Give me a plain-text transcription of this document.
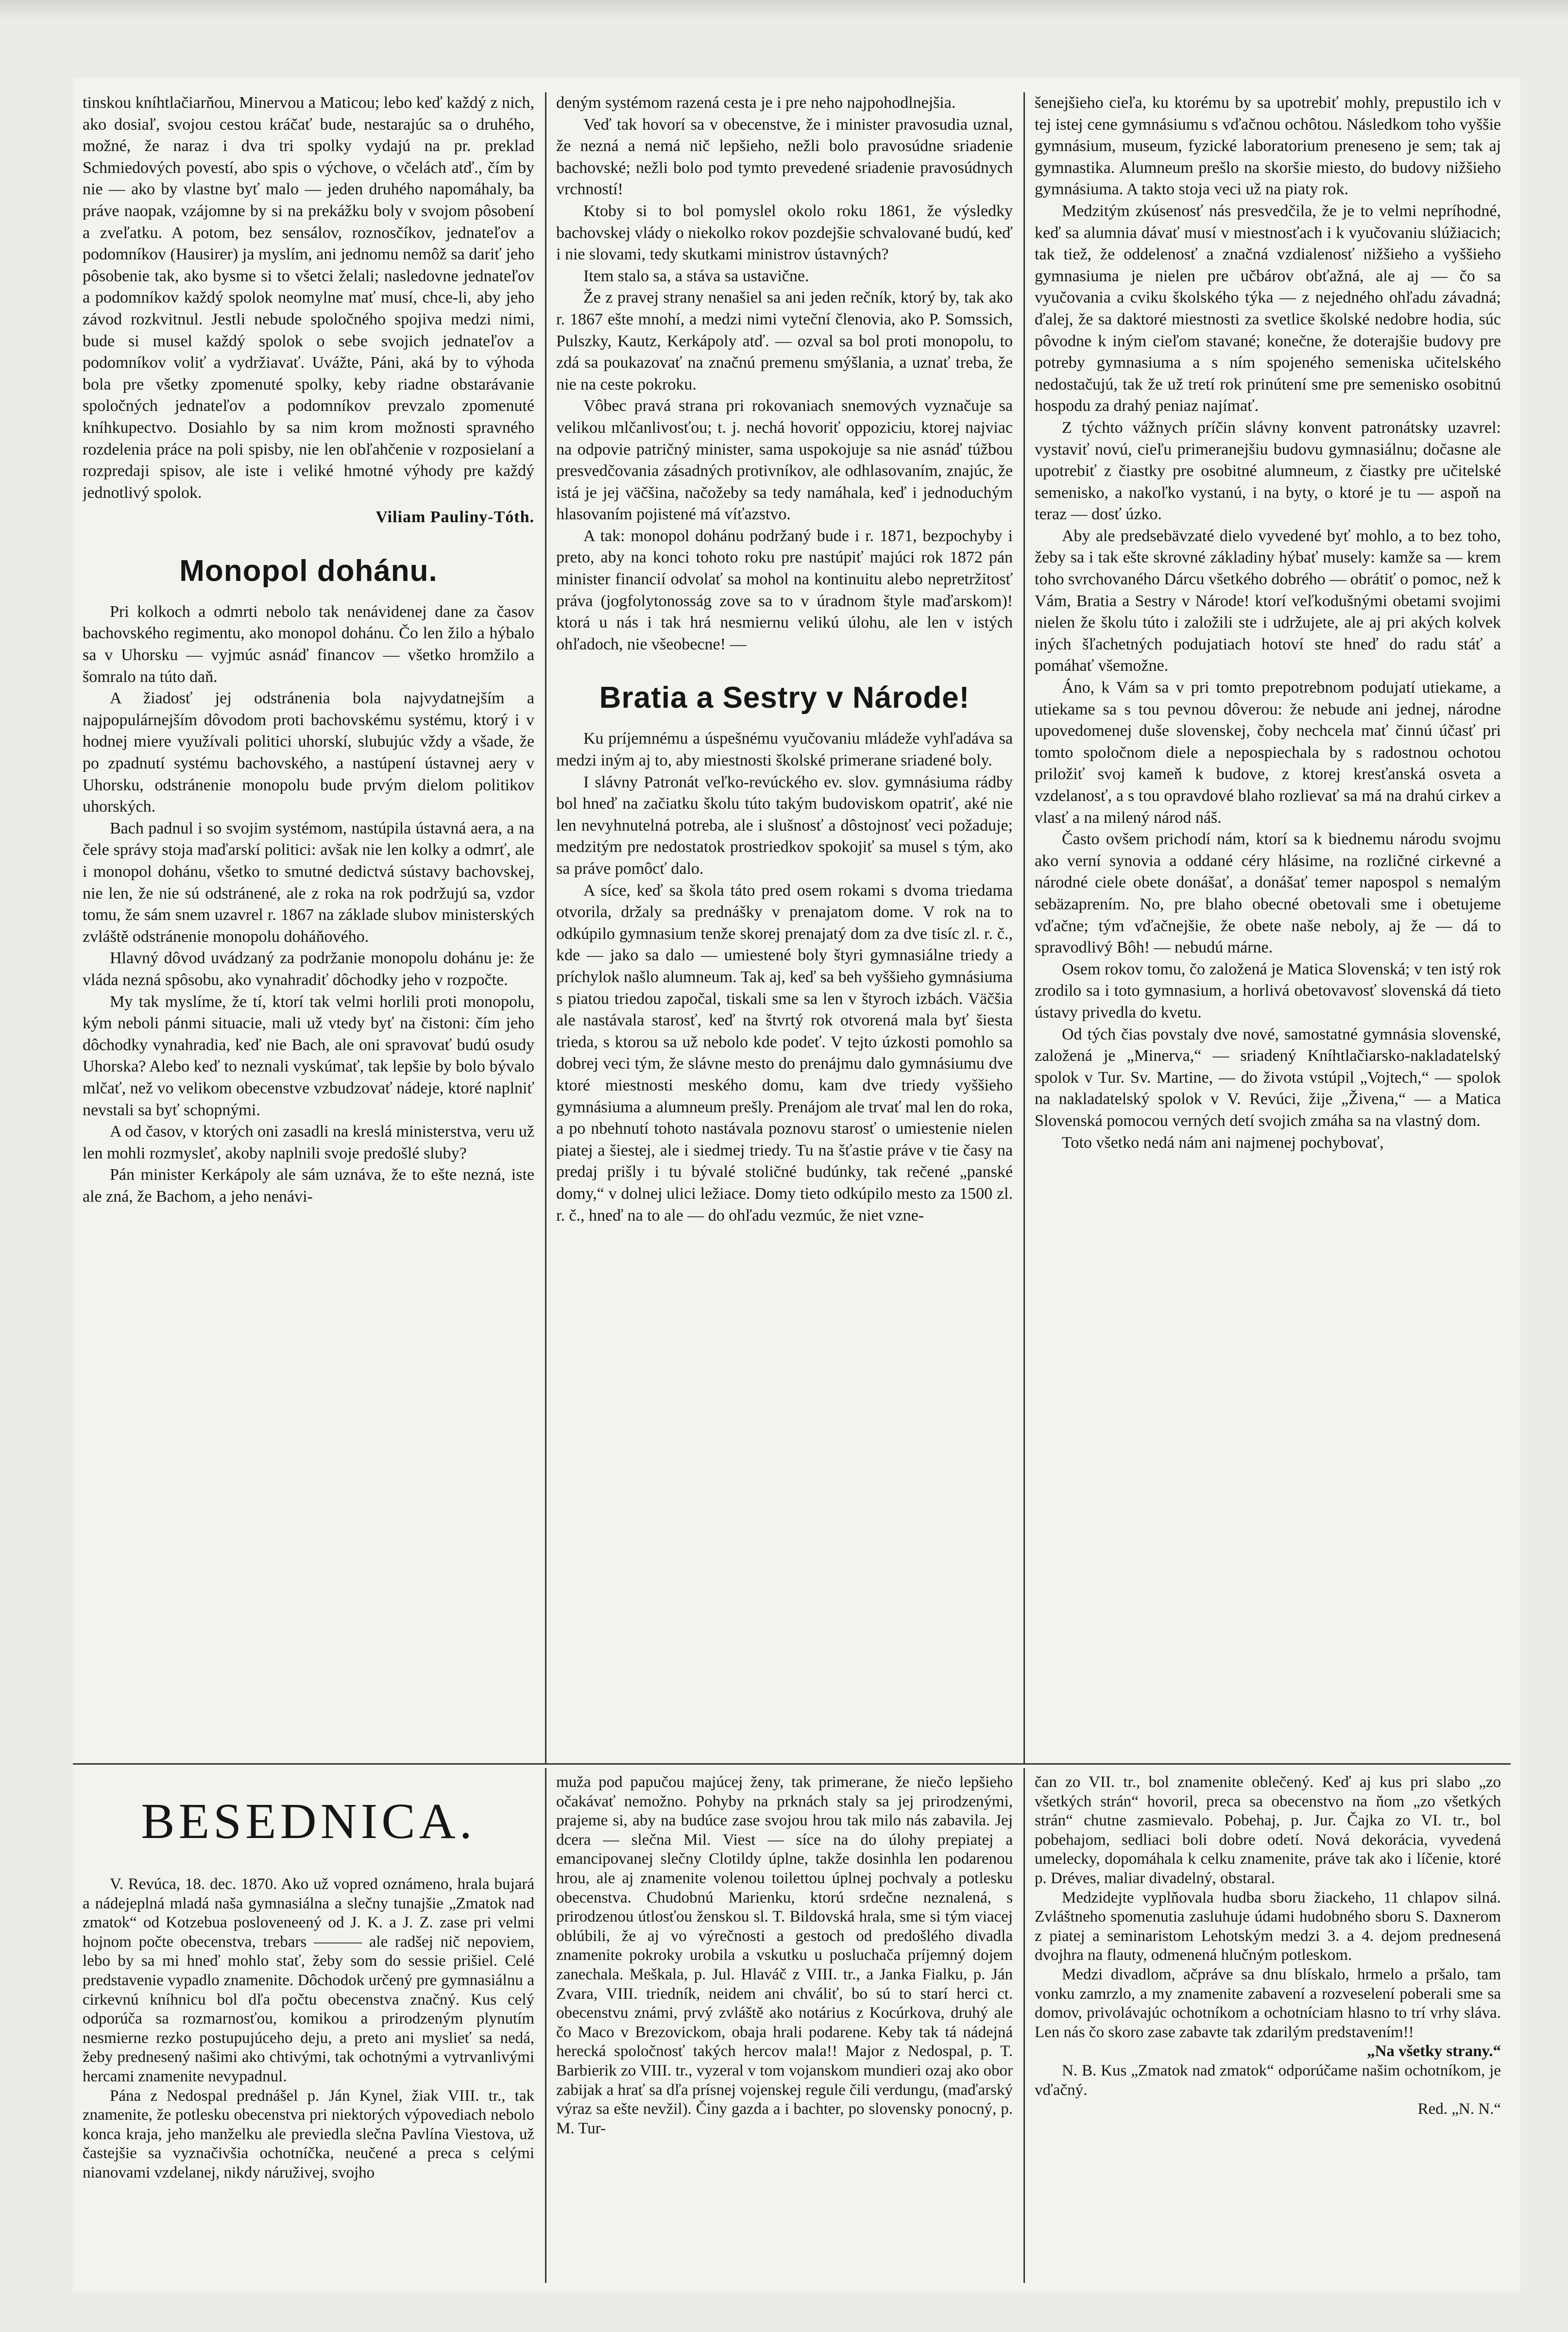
tinskou kníhtlačiarňou, Minervou a Maticou; lebo keď každý z nich, ako dosiaľ, svojou cestou kráčať bude, nestarajúc sa o druhého, možné, že naraz i dva tri spolky vydajú na pr. preklad Schmiedových povestí, abo spis o výchove, o včelách atď., čím by nie — ako by vlastne byť malo — jeden druhého napomáhaly, ba práve naopak, vzájomne by si na prekážku boly v svojom pôsobení a zveľatku. A potom, bez sensálov, roznosčíkov, jednateľov a podomníkov (Hausirer) ja myslím, ani jednomu nemôž sa dariť jeho pôsobenie tak, ako bysme si to všetci želali; nasledovne jednateľov a podomníkov každý spolok neomylne mať musí, chce-li, aby jeho závod rozkvitnul. Jestli nebude spoločného spojiva medzi nimi, bude si musel každý spolok o sebe svojich jednateľov a podomníkov voliť a vydržiavať. Uvážte, Páni, aká by to výhoda bola pre všetky zpomenuté spolky, keby riadne obstarávanie spoločných jednateľov a podomníkov prevzalo zpomenuté kníhkupectvo. Dosiahlo by sa nim krom možnosti spravného rozdelenia práce na poli spisby, nie len obľahčenie v rozposielaní a rozpredaji spisov, ale iste i veliké hmotné výhody pre každý jednotlivý spolok.

Viliam Pauliny-Tóth.

Monopol dohánu.

Pri kolkoch a odmrti nebolo tak nenávidenej dane za časov bachovského regimentu, ako monopol dohánu. Čo len žilo a hýbalo sa v Uhorsku — vyjmúc asnáď financov — všetko hromžilo a šomralo na túto daň.

A žiadosť jej odstránenia bola najvydatnejším a najpopulárnejším dôvodom proti bachovskému systému, ktorý i v hodnej miere využívali politici uhorskí, slubujúc vždy a všade, že po zpadnutí systému bachovského, a nastúpení ústavnej aery v Uhorsku, odstránenie monopolu bude prvým dielom politikov uhorských.

Bach padnul i so svojim systémom, nastúpila ústavná aera, a na čele správy stoja maďarskí politici: avšak nie len kolky a odmrť, ale i monopol dohánu, všetko to smutné dedictvá sústavy bachovskej, nie len, že nie sú odstránené, ale z roka na rok podržujú sa, vzdor tomu, že sám snem uzavrel r. 1867 na základe slubov ministerských zvláště odstránenie monopolu doháňového.

Hlavný dôvod uvádzaný za podržanie monopolu dohánu je: že vláda nezná spôsobu, ako vynahradiť dôchodky jeho v rozpočte.

My tak myslíme, že tí, ktorí tak velmi horlili proti monopolu, kým neboli pánmi situacie, mali už vtedy byť na čistoni: čím jeho dôchodky vynahradia, keď nie Bach, ale oni spravovať budú osudy Uhorska? Alebo keď to neznali vyskúmať, tak lepšie by bolo bývalo mlčať, než vo velikom obecenstve vzbudzovať nádeje, ktoré naplniť nevstali sa byť schopnými.

A od časov, v ktorých oni zasadli na kreslá ministerstva, veru už len mohli rozmysleť, akoby naplnili svoje predošlé sluby?

Pán minister Kerkápoly ale sám uznáva, že to ešte nezná, iste ale zná, že Bachom, a jeho nenávi-

deným systémom razená cesta je i pre neho najpohodlnejšia.

Veď tak hovorí sa v obecenstve, že i minister pravosudia uznal, že nezná a nemá nič lepšieho, nežli bolo pravosúdne sriadenie bachovské; nežli bolo pod tymto prevedené sriadenie pravosúdnych vrchností!

Ktoby si to bol pomyslel okolo roku 1861, že výsledky bachovskej vlády o niekolko rokov pozdejšie schvalované budú, keď i nie slovami, tedy skutkami ministrov ústavných?

Item stalo sa, a stáva sa ustavične.

Že z pravej strany nenašiel sa ani jeden rečník, ktorý by, tak ako r. 1867 ešte mnohí, a medzi nimi vyteční členovia, ako P. Somssich, Pulszky, Kautz, Kerkápoly atď. — ozval sa bol proti monopolu, to zdá sa poukazovať na značnú premenu smýšlania, a uznať treba, že nie na ceste pokroku.

Vôbec pravá strana pri rokovaniach snemových vyznačuje sa velikou mlčanlivosťou; t. j. nechá hovoriť oppoziciu, ktorej najviac na odpovie patričný minister, sama uspokojuje sa nie asnáď túžbou presvedčovania zásadných protivníkov, ale odhlasovaním, znajúc, že istá je jej väčšina, načožeby sa tedy namáhala, keď i jednoduchým hlasovaním pojistené má víťazstvo.

A tak: monopol dohánu podržaný bude i r. 1871, bezpochyby i preto, aby na konci tohoto roku pre nastúpiť majúci rok 1872 pán minister financií odvolať sa mohol na kontinuitu alebo nepretržitosť práva (jogfolytonosság zove sa to v úradnom štyle maďarskom)! ktorá u nás i tak hrá nesmiernu velikú úlohu, ale len v istých ohľadoch, nie všeobecne! —

Bratia a Sestry v Národe!

Ku príjemnému a úspešnému vyučovaniu mládeže vyhľadáva sa medzi iným aj to, aby miestnosti školské primerane sriadené boly.

I slávny Patronát veľko-revúckého ev. slov. gymnásiuma rádby bol hneď na začiatku školu túto takým budoviskom opatriť, aké nie len nevyhnutelná potreba, ale i slušnosť a dôstojnosť veci požaduje; medzitým pre nedostatok prostriedkov spokojiť sa musel s tým, ako sa práve pomôcť dalo.

A síce, keď sa škola táto pred osem rokami s dvoma triedama otvorila, držaly sa prednášky v prenajatom dome. V rok na to odkúpilo gymnasium tenže skorej prenajatý dom za dve tisíc zl. r. č., kde — jako sa dalo — umiestené boly štyri gymnasiálne triedy a príchylok našlo alumneum. Tak aj, keď sa beh vyššieho gymnásiuma s piatou triedou započal, tiskali sme sa len v štyroch izbách. Väčšia ale nastávala starosť, keď na štvrtý rok otvorená mala byť šiesta trieda, s ktorou sa už nebolo kde podeť. V tejto úzkosti pomohlo sa dobrej veci tým, že slávne mesto do prenájmu dalo gymnásiumu dve ktoré miestnosti meského domu, kam dve triedy vyššieho gymnásiuma a alumneum prešly. Prenájom ale trvať mal len do roka, a po nbehnutí tohoto nastávala poznovu starosť o umiestenie nielen piatej a šiestej, ale i siedmej triedy. Tu na šťastie práve v tie časy na predaj prišly i tu bývalé stoličné budúnky, tak rečené „panské domy,“ v dolnej ulici ležiace. Domy tieto odkúpilo mesto za 1500 zl. r. č., hneď na to ale — do ohľadu vezmúc, že niet vzne-

šenejšieho cieľa, ku ktorému by sa upotrebiť mohly, prepustilo ich v tej istej cene gymnásiumu s vďačnou ochôtou. Následkom toho vyššie gymnásium, museum, fyzické laboratorium preneseno je sem; tak aj gymnastika. Alumneum prešlo na skoršie miesto, do budovy nižšieho gymnásiuma. A takto stoja veci už na piaty rok.

Medzitým zkúsenosť nás presvedčila, že je to velmi nepríhodné, keď sa alumnia dávať musí v miestnosťach i k vyučovaniu slúžiacich; tak tiež, že oddelenosť a značná vzdialenosť nižšieho a vyššieho gymnasiuma je nielen pre učbárov obťažná, ale aj — čo sa vyučovania a cviku školského týka — z nejedného ohľadu závadná; ďalej, že sa daktoré miestnosti za svetlice školské nedobre hodia, súc pôvodne k iným cieľom stavané; konečne, že doterajšie budovy pre potreby gymnasiuma a s ním spojeného semeniska učitelského nedostačujú, tak že už tretí rok prinútení sme pre semenisko osobitnú hospodu za drahý peniaz najímať.

Z týchto vážnych príčin slávny konvent patronátsky uzavrel: vystaviť novú, cieľu primeranejšiu budovu gymnasiálnu; dočasne ale upotrebiť z čiastky pre osobitné alumneum, z čiastky pre učitelské semenisko, a nakoľko vystanú, i na byty, o ktoré je tu — aspoň na teraz — dosť úzko.

Aby ale predsebävzaté dielo vyvedené byť mohlo, a to bez toho, žeby sa i tak ešte skrovné základiny hýbať musely: kamže sa — krem toho svrchovaného Dárcu všetkého dobrého — obrátiť o pomoc, než k Vám, Bratia a Sestry v Národe! ktorí veľkodušnými obetami svojimi nielen že školu túto i založili ste i udržujete, ale aj pri akých kolvek iných šľachetných podujatiach hotoví ste hneď do radu stáť a pomáhať všemožne.

Áno, k Vám sa v pri tomto prepotrebnom podujatí utiekame, a utiekame sa s tou pevnou dôverou: že nebude ani jednej, národne upovedomenej duše slovenskej, čoby nechcela mať činnú účasť pri tomto spoločnom diele a nepospiechala by s radostnou ochotou priložiť svoj kameň k budove, z ktorej kresťanská osveta a vzdelanosť, a s tou opravdové blaho rozlievať sa má na drahú cirkev a vlasť a na milený národ náš.

Často ovšem prichodí nám, ktorí sa k biednemu národu svojmu ako verní synovia a oddané céry hlásime, na rozličné cirkevné a národné ciele obete donášať, a donášať temer napospol s nemalým sebäzaprením. No, pre blaho obecné obetovali sme i obetujeme vďačne; tým vďačnejšie, že obete naše neboly, aj že — dá to spravodlivý Bôh! — nebudú márne.

Osem rokov tomu, čo založená je Matica Slovenská; v ten istý rok zrodilo sa i toto gymnasium, a horlivá obetovavosť slovenská dá tieto ústavy privedla do kvetu.

Od tých čias povstaly dve nové, samostatné gymnásia slovenské, založená je „Minerva,“ — sriadený Kníhtlačiarsko-nakladatelský spolok v Tur. Sv. Martine, — do života vstúpil „Vojtech,“ — spolok na nakladatelský spolok v V. Revúci, žije „Živena,“ — a Matica Slovenská pomocou verných detí svojich zmáha sa na vlastný dom.

Toto všetko nedá nám ani najmenej pochybovať,

BESEDNICA.

V. Revúca, 18. dec. 1870. Ako už vopred oznámeno, hrala bujará a nádejeplná mladá naša gymnasiálna a slečny tunajšie „Zmatok nad zmatok“ od Kotzebua posloveneený od J. K. a J. Z. zase pri velmi hojnom počte obecenstva, trebars ——— ale radšej nič nepoviem, lebo by sa mi hneď mohlo stať, žeby som do sessie prišiel. Celé predstavenie vypadlo znamenite. Dôchodok určený pre gymnasiálnu a cirkevnú kníhnicu bol dľa počtu obecenstva značný. Kus celý odporúča sa rozmarnosťou, komikou a prirodzeným plynutím nesmierne rezko postupujúceho deju, a preto ani myslieť sa nedá, žeby prednesený našimi ako chtivými, tak ochotnými a vytrvanlivými hercami znamenite nevypadnul.

Pána z Nedospal prednášel p. Ján Kynel, žiak VIII. tr., tak znamenite, že potlesku obecenstva pri niektorých výpovediach nebolo konca kraja, jeho manželku ale previedla slečna Pavlína Viestova, už častejšie sa vyznačivšia ochotníčka, neučené a preca s celými nianovami vzdelanej, nikdy náruživej, svojho

muža pod papučou majúcej ženy, tak primerane, že niečo lepšieho očakávať nemožno. Pohyby na prknách staly sa jej prirodzenými, prajeme si, aby na budúce zase svojou hrou tak milo nás zabavila. Jej dcera — slečna Mil. Viest — síce na do úlohy prepiatej a emancipovanej slečny Clotildy úplne, takže dosinhla len podarenou hrou, ale aj znamenite volenou toilettou úplnej pochvaly a potlesku obecenstva. Chudobnú Marienku, ktorú srdečne neznalená, s prirodzenou útlosťou ženskou sl. T. Bildovská hrala, sme si tým viacej oblúbili, že aj vo výrečnosti a gestoch od predošlého divadla znamenite pokroky urobila a vskutku u posluchača príjemný dojem zanechala. Meškala, p. Jul. Hlaváč z VIII. tr., a Janka Fialku, p. Ján Zvara, VIII. triedník, neidem ani chváliť, bo sú to starí herci ct. obecenstvu známi, prvý zvláště ako notárius z Kocúrkova, druhý ale čo Maco v Brezovickom, obaja hrali podarene. Keby tak tá nádejná herecká spoločnosť takých hercov mala!! Major z Nedospal, p. T. Barbierik zo VIII. tr., vyzeral v tom vojanskom mundieri ozaj ako obor zabijak a hrať sa dľa prísnej vojenskej regule čili verdungu, (maďarský výraz sa ešte nevžil). Činy gazda a i bachter, po slovensky ponocný, p. M. Tur-

čan zo VII. tr., bol znamenite oblečený. Keď aj kus pri slabo „zo všetkých strán“ hovoril, preca sa obecenstvo na ňom „zo všetkých strán“ chutne zasmievalo. Pobehaj, p. Jur. Čajka zo VI. tr., bol pobehajom, sedliaci boli dobre odetí. Nová dekorácia, vyvedená umelecky, dopomáhala k celku znamenite, práve tak ako i líčenie, ktoré p. Dréves, maliar divadelný, obstaral.

Medzidejte vyplňovala hudba sboru žiackeho, 11 chlapov silná. Zvláštneho spomenutia zasluhuje údami hudobného sboru S. Daxnerom z piatej a seminaristom Lehotským medzi 3. a 4. dejom prednesená dvojhra na flauty, odmenená hlučným potleskom.

Medzi divadlom, ačpráve sa dnu blískalo, hrmelo a pršalo, tam vonku zamrzlo, a my znamenite zabavení a rozveselení poberali sme sa domov, privolávajúc ochotníkom a ochotníciam hlasno to trí vrhy sláva. Len nás čo skoro zase zabavte tak zdarilým predstavením!!

„Na všetky strany.“

N. B. Kus „Zmatok nad zmatok“ odporúčame našim ochotníkom, je vďačný.

Red. „N. N.“
